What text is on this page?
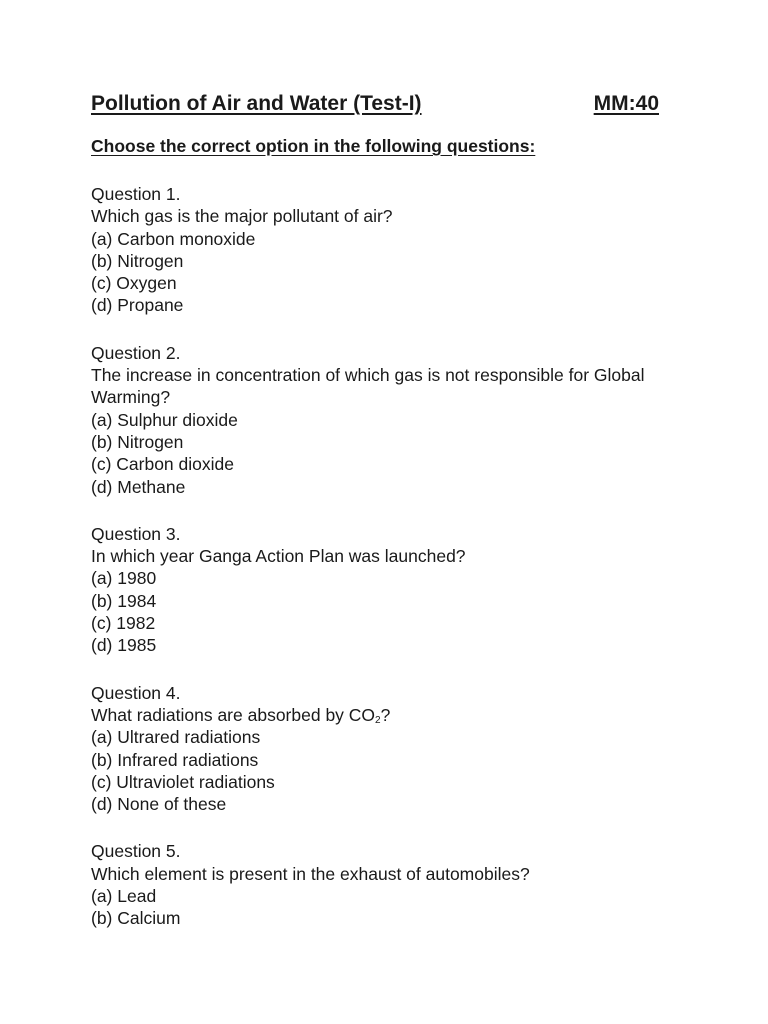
Pollution of Air and Water (Test-I)	MM:40
Choose the correct option in the following questions:
Question 1.
Which gas is the major pollutant of air?
(a) Carbon monoxide
(b) Nitrogen
(c) Oxygen
(d) Propane
Question 2.
The increase in concentration of which gas is not responsible for Global Warming?
(a) Sulphur dioxide
(b) Nitrogen
(c) Carbon dioxide
(d) Methane
Question 3.
In which year Ganga Action Plan was launched?
(a) 1980
(b) 1984
(c) 1982
(d) 1985
Question 4.
What radiations are absorbed by $CO_2$?
(a) Ultrared radiations
(b) Infrared radiations
(c) Ultraviolet radiations
(d) None of these
Question 5.
Which element is present in the exhaust of automobiles?
(a) Lead
(b) Calcium
